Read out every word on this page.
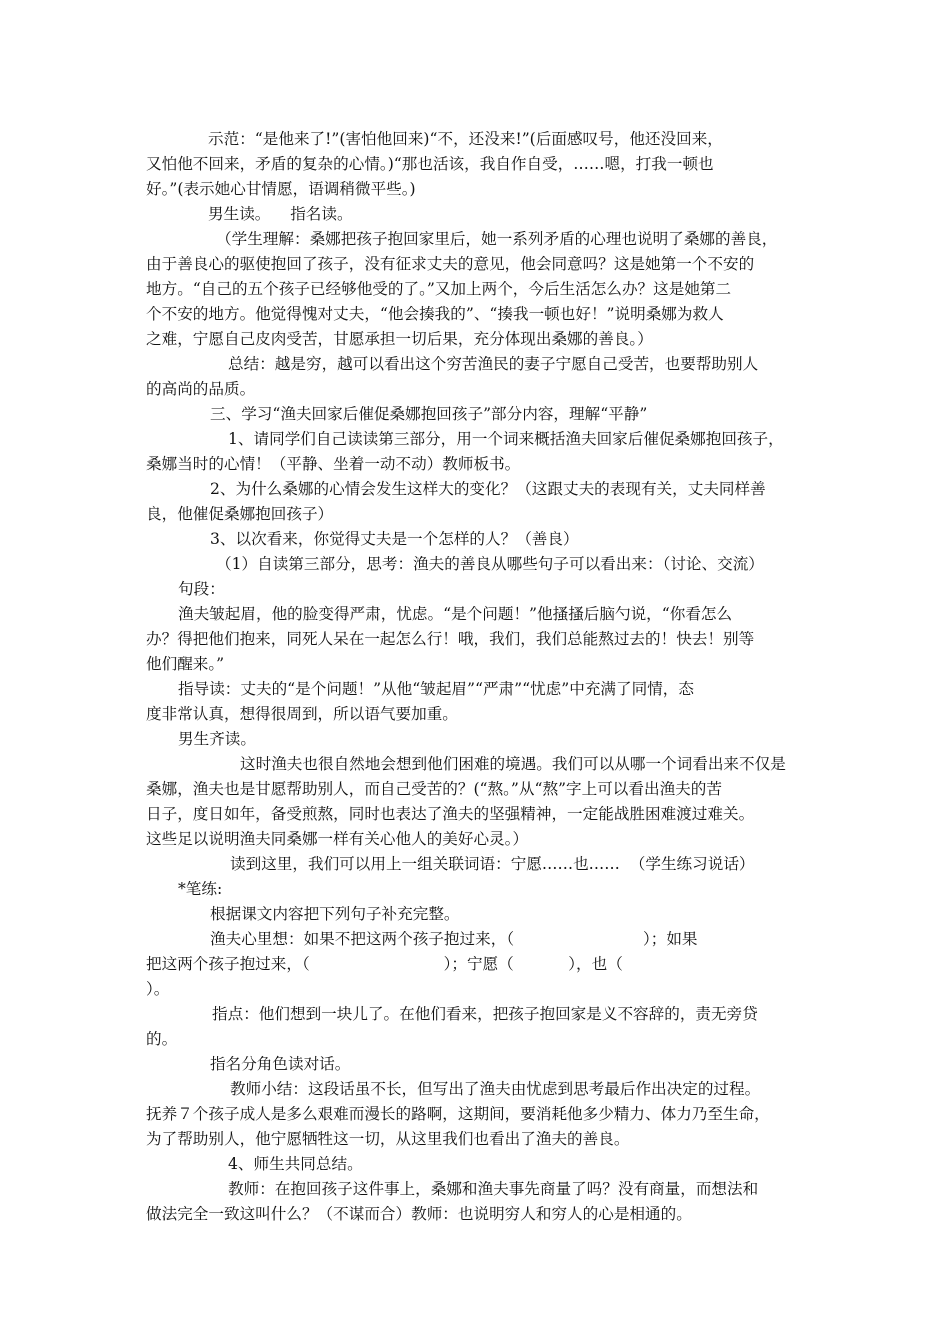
示范：“是他来了!”(害怕他回来)“不，还没来!”(后面感叹号，他还没回来，
又怕他不回来，矛盾的复杂的心情。)“那也活该，我自作自受，……嗯，打我一顿也
好。”(表示她心甘情愿，语调稍微平些。)
男生读。    指名读。
（学生理解：桑娜把孩子抱回家里后，她一系列矛盾的心理也说明了桑娜的善良，
由于善良心的驱使抱回了孩子，没有征求丈夫的意见，他会同意吗？这是她第一个不安的
地方。“自己的五个孩子已经够他受的了。”又加上两个，今后生活怎么办？这是她第二
个不安的地方。他觉得愧对丈夫，“他会揍我的”、“揍我一顿也好！”说明桑娜为救人
之难，宁愿自己皮肉受苦，甘愿承担一切后果，充分体现出桑娜的善良。）
总结：越是穷，越可以看出这个穷苦渔民的妻子宁愿自己受苦，也要帮助别人
的高尚的品质。
三、学习“渔夫回家后催促桑娜抱回孩子”部分内容，理解“平静”
1、请同学们自己读读第三部分，用一个词来概括渔夫回家后催促桑娜抱回孩子，
桑娜当时的心情！（平静、坐着一动不动）教师板书。
2、为什么桑娜的心情会发生这样大的变化？（这跟丈夫的表现有关，丈夫同样善
良，他催促桑娜抱回孩子）
3、以次看来，你觉得丈夫是一个怎样的人？（善良）
（1）自读第三部分，思考：渔夫的善良从哪些句子可以看出来：（讨论、交流）
句段：
渔夫皱起眉，他的脸变得严肃，忧虑。“是个问题！”他搔搔后脑勺说，“你看怎么
办？得把他们抱来，同死人呆在一起怎么行！哦，我们，我们总能熬过去的！快去！别等
他们醒来。”
指导读：丈夫的“是个问题！”从他“皱起眉”“严肃”“忧虑”中充满了同情，态
度非常认真，想得很周到，所以语气要加重。
男生齐读。
这时渔夫也很自然地会想到他们困难的境遇。我们可以从哪一个词看出来不仅是
桑娜，渔夫也是甘愿帮助别人，而自己受苦的？(“熬。”从“熬”字上可以看出渔夫的苦
日子，度日如年，备受煎熬，同时也表达了渔夫的坚强精神，一定能战胜困难渡过难关。
这些足以说明渔夫同桑娜一样有关心他人的美好心灵。）
读到这里，我们可以用上一组关联词语：宁愿……也……  （学生练习说话）
*笔练:
根据课文内容把下列句子补充完整。
渔夫心里想：如果不把这两个孩子抱过来，（                          ）；如果
把这两个孩子抱过来，（                           ）；宁愿（           ），也（
）。
指点：他们想到一块儿了。在他们看来，把孩子抱回家是义不容辞的，责无旁贷
的。
指名分角色读对话。
教师小结：这段话虽不长，但写出了渔夫由忧虑到思考最后作出决定的过程。
抚养７个孩子成人是多么艰难而漫长的路啊，这期间，要消耗他多少精力、体力乃至生命，
为了帮助别人，他宁愿牺牲这一切，从这里我们也看出了渔夫的善良。
4、师生共同总结。
教师：在抱回孩子这件事上，桑娜和渔夫事先商量了吗？没有商量，而想法和
做法完全一致这叫什么？（不谋而合）教师：也说明穷人和穷人的心是相通的。
